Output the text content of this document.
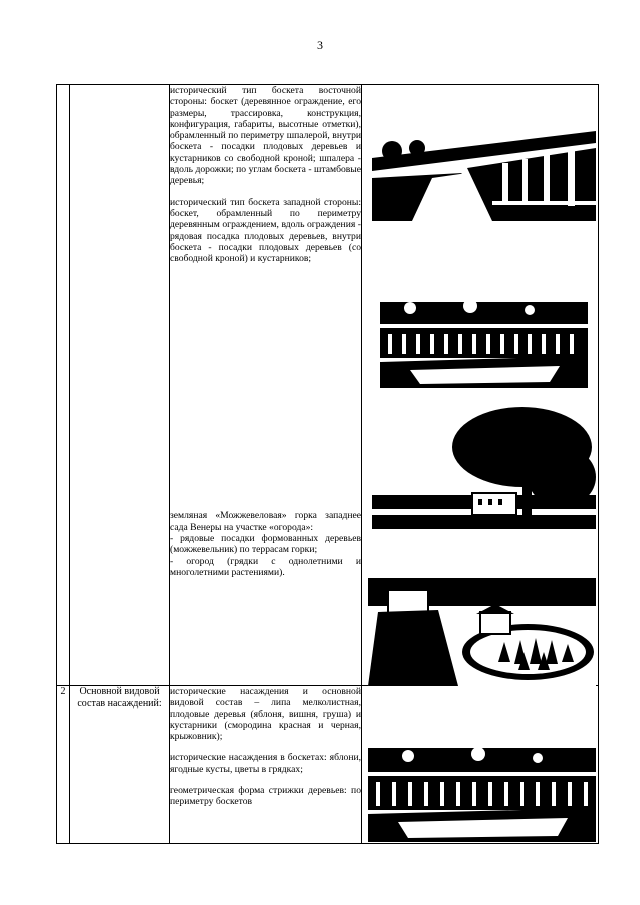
3

		исторический тип боскета восточной стороны: боскет (деревянное ограждение, его размеры, трассировка, конструкция, конфигурация, габариты, высотные отметки), обрамленный по периметру шпалерой, внутри боскета - посадки плодовых деревьев и кустарников со свободной кроной; шпалера - вдоль дорожки; по углам боскета - штамбовые деревья;

исторический тип боскета западной стороны: боскет, обрамленный по периметру деревянным ограждением, вдоль ограждения - рядовая посадка плодовых деревьев, внутри боскета - посадки плодовых деревьев (со свободной кроной) и кустарников;

земляная «Можжевеловая» горка западнее сада Венеры на участке «огорода»:

- рядовые посадки формованных деревьев (можжевельник) по террасам горки;

- огород (грядки с однолетними и многолетними растениями).

2	Основной видовой состав насаждений:	исторические насаждения и основной видовой состав – липа мелколистная, плодовые деревья (яблоня, вишня, груша) и кустарники (смородина красная и черная, крыжовник);

исторические насаждения в боскетах: яблони, ягодные кусты, цветы в грядках;

геометрическая форма стрижки деревьев: по периметру боскетов
